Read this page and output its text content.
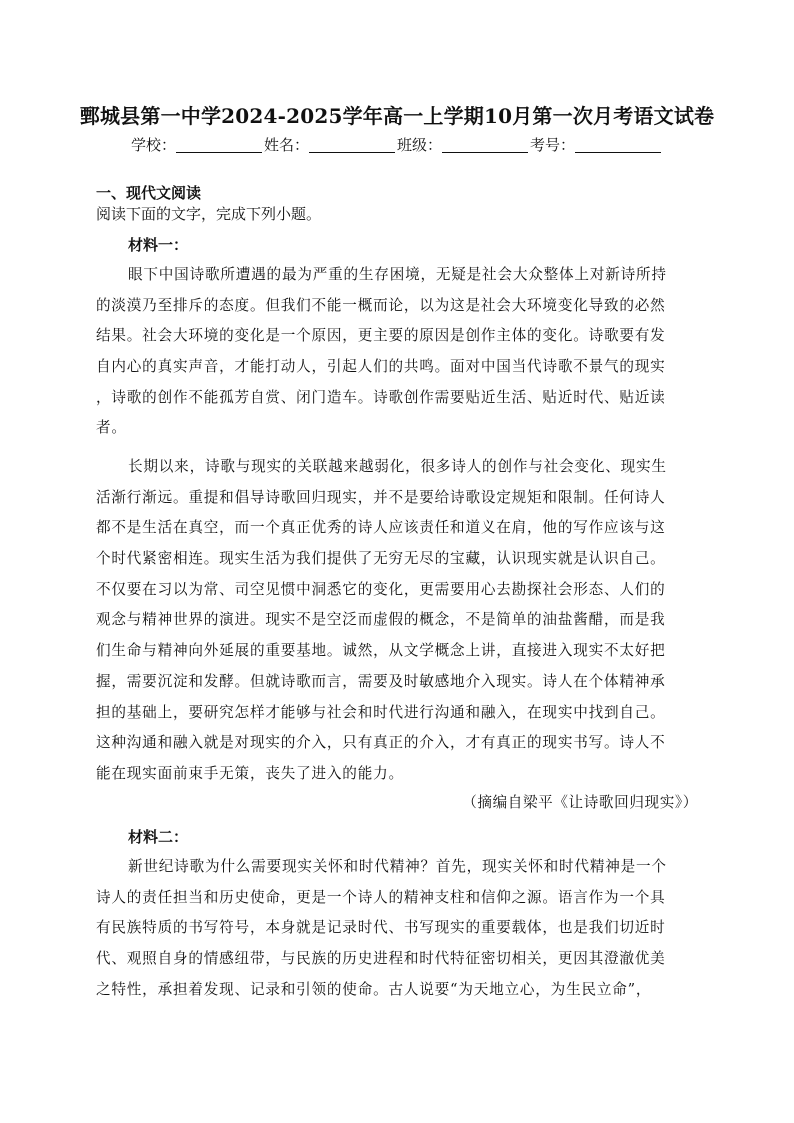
鄄城县第一中学2024-2025学年高一上学期10月第一次月考语文试卷
学校：	姓名：	班级：	考号：
一、现代文阅读
阅读下面的文字，完成下列小题。
材料一：
眼下中国诗歌所遭遇的最为严重的生存困境，无疑是社会大众整体上对新诗所持
的淡漠乃至排斥的态度。但我们不能一概而论，以为这是社会大环境变化导致的必然
结果。社会大环境的变化是一个原因，更主要的原因是创作主体的变化。诗歌要有发
自内心的真实声音，才能打动人，引起人们的共鸣。面对中国当代诗歌不景气的现实
，诗歌的创作不能孤芳自赏、闭门造车。诗歌创作需要贴近生活、贴近时代、贴近读
者。
长期以来，诗歌与现实的关联越来越弱化，很多诗人的创作与社会变化、现实生
活渐行渐远。重提和倡导诗歌回归现实，并不是要给诗歌设定规矩和限制。任何诗人
都不是生活在真空，而一个真正优秀的诗人应该责任和道义在肩，他的写作应该与这
个时代紧密相连。现实生活为我们提供了无穷无尽的宝藏，认识现实就是认识自己。
不仅要在习以为常、司空见惯中洞悉它的变化，更需要用心去勘探社会形态、人们的
观念与精神世界的演进。现实不是空泛而虚假的概念，不是简单的油盐酱醋，而是我
们生命与精神向外延展的重要基地。诚然，从文学概念上讲，直接进入现实不太好把
握，需要沉淀和发酵。但就诗歌而言，需要及时敏感地介入现实。诗人在个体精神承
担的基础上，要研究怎样才能够与社会和时代进行沟通和融入，在现实中找到自己。
这种沟通和融入就是对现实的介入，只有真正的介入，才有真正的现实书写。诗人不
能在现实面前束手无策，丧失了进入的能力。
（摘编自梁平《让诗歌回归现实》）
材料二：
新世纪诗歌为什么需要现实关怀和时代精神？首先，现实关怀和时代精神是一个
诗人的责任担当和历史使命，更是一个诗人的精神支柱和信仰之源。语言作为一个具
有民族特质的书写符号，本身就是记录时代、书写现实的重要载体，也是我们切近时
代、观照自身的情感纽带，与民族的历史进程和时代特征密切相关，更因其澄澈优美
之特性，承担着发现、记录和引领的使命。古人说要“为天地立心，为生民立命”，
